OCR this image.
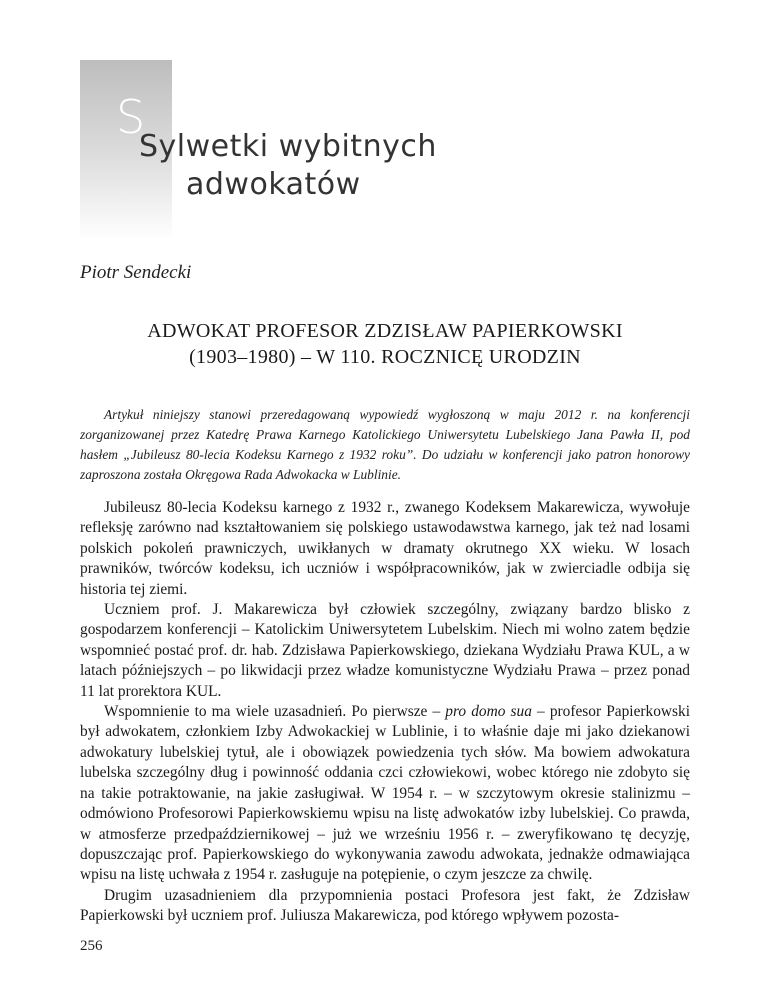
S
Sylwetki wybitnych
adwokatów
Piotr Sendecki
ADWOKAT PROFESOR ZDZISŁAW PAPIERKOWSKI
(1903–1980) – W 110. ROCZNICĘ URODZIN

Artykuł niniejszy stanowi przeredagowaną wypowiedź wygłoszoną w maju 2012 r. na konferencji zorganizowanej przez Katedrę Prawa Karnego Katolickiego Uniwersytetu Lubelskiego Jana Pawła II, pod hasłem „Jubileusz 80-lecia Kodeksu Karnego z 1932 roku”. Do udziału w konferencji jako patron honorowy zaproszona została Okręgowa Rada Adwokacka w Lublinie.

Jubileusz 80-lecia Kodeksu karnego z 1932 r., zwanego Kodeksem Makarewicza, wywołuje refleksję zarówno nad kształtowaniem się polskiego ustawodawstwa karnego, jak też nad losami polskich pokoleń prawniczych, uwikłanych w dramaty okrutnego XX wieku. W losach prawników, twórców kodeksu, ich uczniów i współpracowników, jak w zwierciadle odbija się historia tej ziemi.

Uczniem prof. J. Makarewicza był człowiek szczególny, związany bardzo blisko z gospodarzem konferencji – Katolickim Uniwersytetem Lubelskim. Niech mi wolno zatem będzie wspomnieć postać prof. dr. hab. Zdzisława Papierkowskiego, dziekana Wydziału Prawa KUL, a w latach późniejszych – po likwidacji przez władze komunistyczne Wydziału Prawa – przez ponad 11 lat prorektora KUL.

Wspomnienie to ma wiele uzasadnień. Po pierwsze – pro domo sua – profesor Papierkowski był adwokatem, członkiem Izby Adwokackiej w Lublinie, i to właśnie daje mi jako dziekanowi adwokatury lubelskiej tytuł, ale i obowiązek powiedzenia tych słów. Ma bowiem adwokatura lubelska szczególny dług i powinność oddania czci człowiekowi, wobec którego nie zdobyto się na takie potraktowanie, na jakie zasługiwał. W 1954 r. – w szczytowym okresie stalinizmu – odmówiono Profesorowi Papierkowskiemu wpisu na listę adwokatów izby lubelskiej. Co prawda, w atmosferze przedpaździernikowej – już we wrześniu 1956 r. – zweryfikowano tę decyzję, dopuszczając prof. Papierkowskiego do wykonywania zawodu adwokata, jednakże odmawiająca wpisu na listę uchwała z 1954 r. zasługuje na potępienie, o czym jeszcze za chwilę.

Drugim uzasadnieniem dla przypomnienia postaci Profesora jest fakt, że Zdzisław Papierkowski był uczniem prof. Juliusza Makarewicza, pod którego wpływem pozosta-

256
